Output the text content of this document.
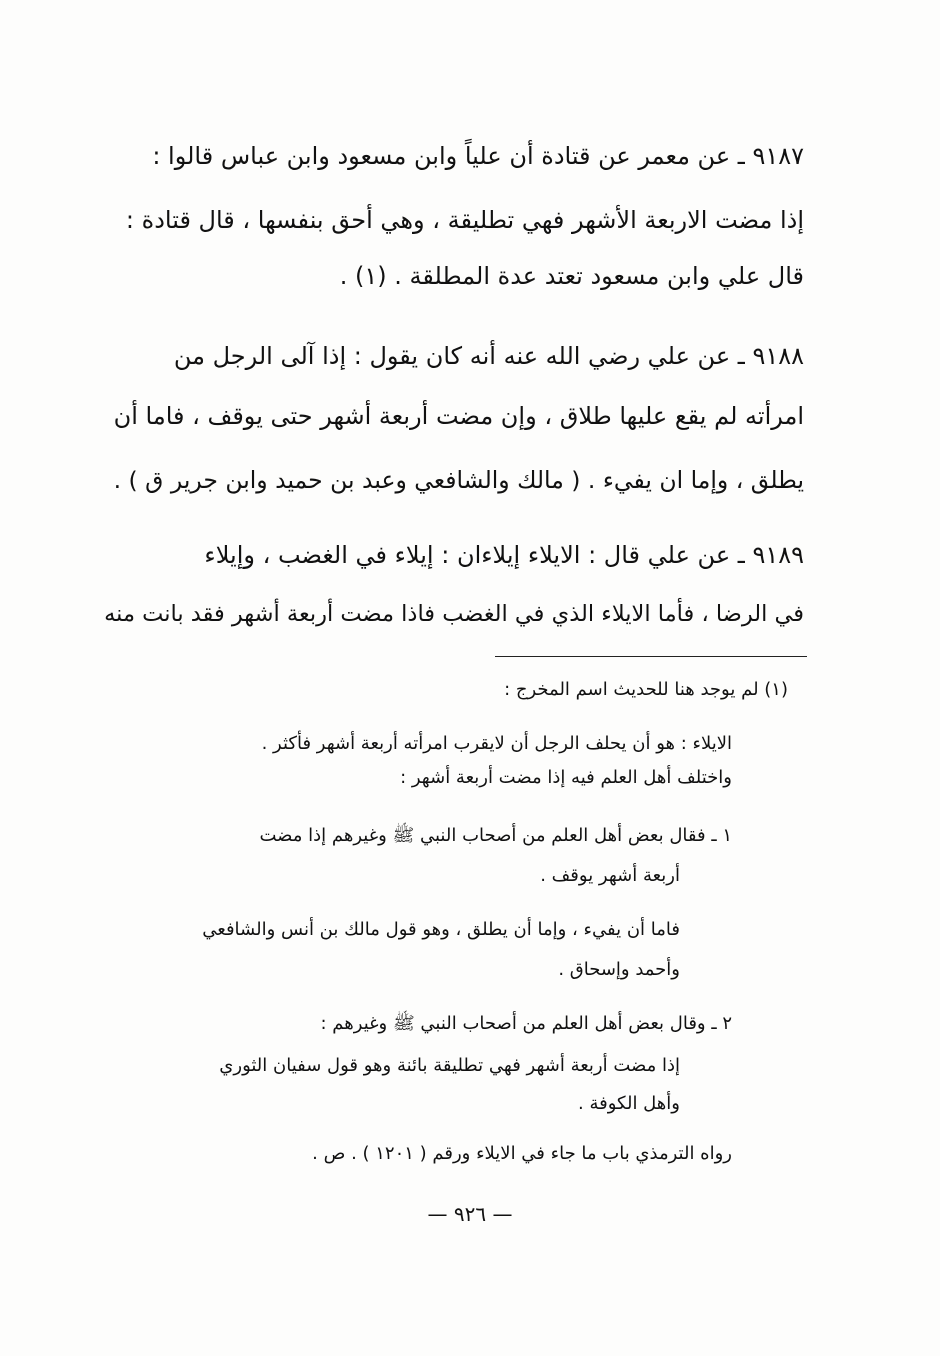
٩١٨٧ ـ عن معمر عن قتادة أن علياً وابن مسعود وابن عباس قالوا :
إذا مضت الاربعة الأشهر فهي تطليقة ، وهي أحق بنفسها ، قال قتادة :
قال علي وابن مسعود تعتد عدة المطلقة . (١) .
٩١٨٨ ـ عن علي رضي الله عنه أنه كان يقول : إذا آلى الرجل من
امرأته لم يقع عليها طلاق ، وإن مضت أربعة أشهر حتى يوقف ، فاما أن
يطلق ، وإما ان يفيء . ( مالك والشافعي وعبد بن حميد وابن جرير ق ) .
٩١٨٩ ـ عن علي قال : الايلاء إيلاءان : إيلاء في الغضب ، وإيلاء
في الرضا ، فأما الايلاء الذي في الغضب فاذا مضت أربعة أشهر فقد بانت منه
(١) لم يوجد هنا للحديث اسم المخرج :
الايلاء : هو أن يحلف الرجل أن لايقرب امرأته أربعة أشهر فأكثر .
واختلف أهل العلم فيه إذا مضت أربعة أشهر :
١ ـ فقال بعض أهل العلم من أصحاب النبي ﷺ وغيرهم إذا مضت
أربعة أشهر يوقف .
فاما أن يفيء ، وإما أن يطلق ، وهو قول مالك بن أنس والشافعي
وأحمد وإسحاق .
٢ ـ وقال بعض أهل العلم من أصحاب النبي ﷺ وغيرهم :
إذا مضت أربعة أشهر فهي تطليقة بائنة وهو قول سفيان الثوري
وأهل الكوفة .
رواه الترمذي باب ما جاء في الايلاء ورقم ( ١٢٠١ ) . ص .
— ٩٢٦ —
